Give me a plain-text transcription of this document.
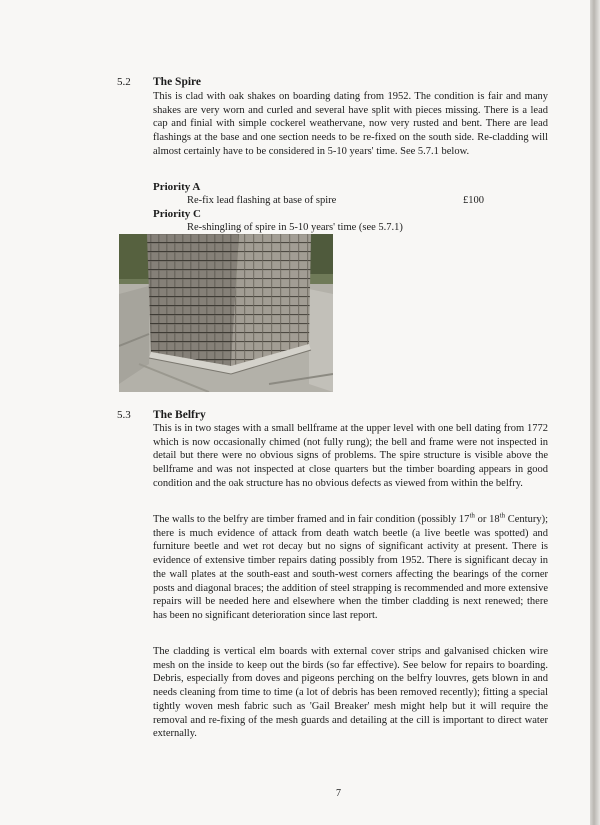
5.2 The Spire

This is clad with oak shakes on boarding dating from 1952. The condition is fair and many shakes are very worn and curled and several have split with pieces missing. There is a lead cap and finial with simple cockerel weathervane, now very rusted and bent. There are lead flashings at the base and one section needs to be re-fixed on the south side. Re-cladding will almost certainly have to be considered in 5-10 years' time. See 5.7.1 below.

Priority A
Re-fix lead flashing at base of spire	£100
Priority C
Re-shingling of spire in 5-10 years' time (see 5.7.1)
5.3 The Belfry

This is in two stages with a small bellframe at the upper level with one bell dating from 1772 which is now occasionally chimed (not fully rung); the bell and frame were not inspected in detail but there were no obvious signs of problems. The spire structure is visible above the bellframe and was not inspected at close quarters but the timber boarding appears in good condition and the oak structure has no obvious defects as viewed from within the belfry.

The walls to the belfry are timber framed and in fair condition (possibly 17th or 18th Century); there is much evidence of attack from death watch beetle (a live beetle was spotted) and furniture beetle and wet rot decay but no signs of significant activity at present. There is evidence of extensive timber repairs dating possibly from 1952. There is significant decay in the wall plates at the south-east and south-west corners affecting the bearings of the corner posts and diagonal braces; the addition of steel strapping is recommended and more extensive repairs will be needed here and elsewhere when the timber cladding is next renewed; there has been no significant deterioration since last report.

The cladding is vertical elm boards with external cover strips and galvanised chicken wire mesh on the inside to keep out the birds (so far effective). See below for repairs to boarding. Debris, especially from doves and pigeons perching on the belfry louvres, gets blown in and needs cleaning from time to time (a lot of debris has been removed recently); fitting a special tightly woven mesh fabric such as 'Gail Breaker' mesh might help but it will require the removal and re-fixing of the mesh guards and detailing at the cill is important to direct water externally.

7
